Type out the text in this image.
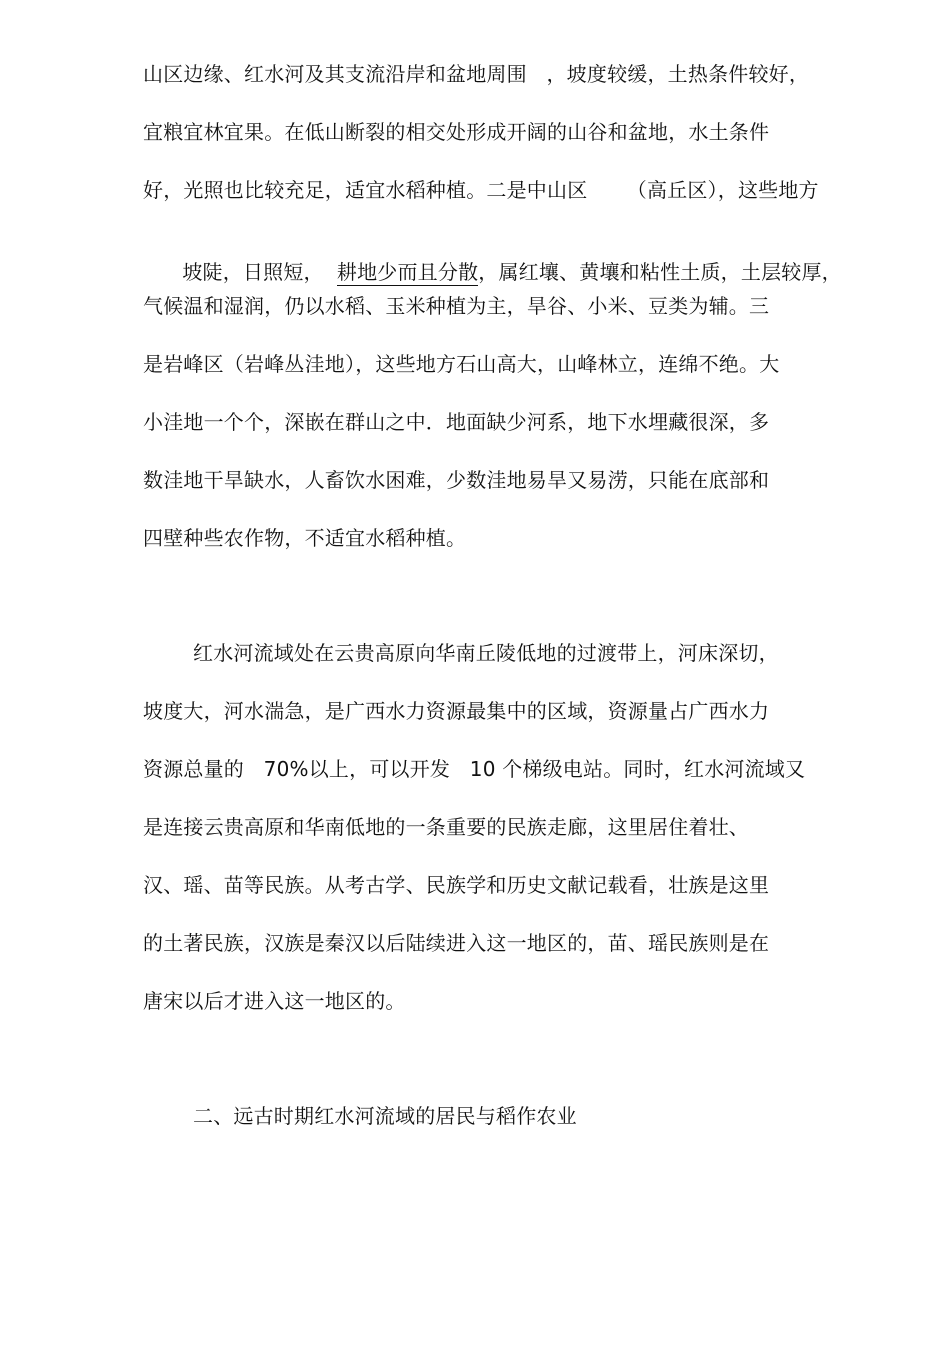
山区边缘、红水河及其支流沿岸和盆地周围   ，坡度较缓，土热条件较好，
宜粮宜林宜果。在低山断裂的相交处形成开阔的山谷和盆地，水土条件
好，光照也比较充足，适宜水稻种植。二是中山区      （高丘区），这些地方

坡陡，日照短，  耕地少而且分散，属红壤、黄壤和粘性土质，土层较厚，

气候温和湿润，仍以水稻、玉米种植为主，旱谷、小米、豆类为辅。三
是岩峰区（岩峰丛洼地），这些地方石山高大，山峰林立，连绵不绝。大
小洼地一个个，深嵌在群山之中．地面缺少河系，地下水埋藏很深，多
数洼地干旱缺水，人畜饮水困难，少数洼地易旱又易涝，只能在底部和
四壁种些农作物，不适宜水稻种植。
红水河流域处在云贵高原向华南丘陵低地的过渡带上，河床深切，
坡度大，河水湍急，是广西水力资源最集中的区域，资源量占广西水力
资源总量的   70%以上，可以开发   10 个梯级电站。同时，红水河流域又
是连接云贵高原和华南低地的一条重要的民族走廊，这里居住着壮、
汉、瑶、苗等民族。从考古学、民族学和历史文献记载看，壮族是这里
的土著民族，汉族是秦汉以后陆续进入这一地区的，苗、瑶民族则是在
唐宋以后才进入这一地区的。
二、远古时期红水河流域的居民与稻作农业
